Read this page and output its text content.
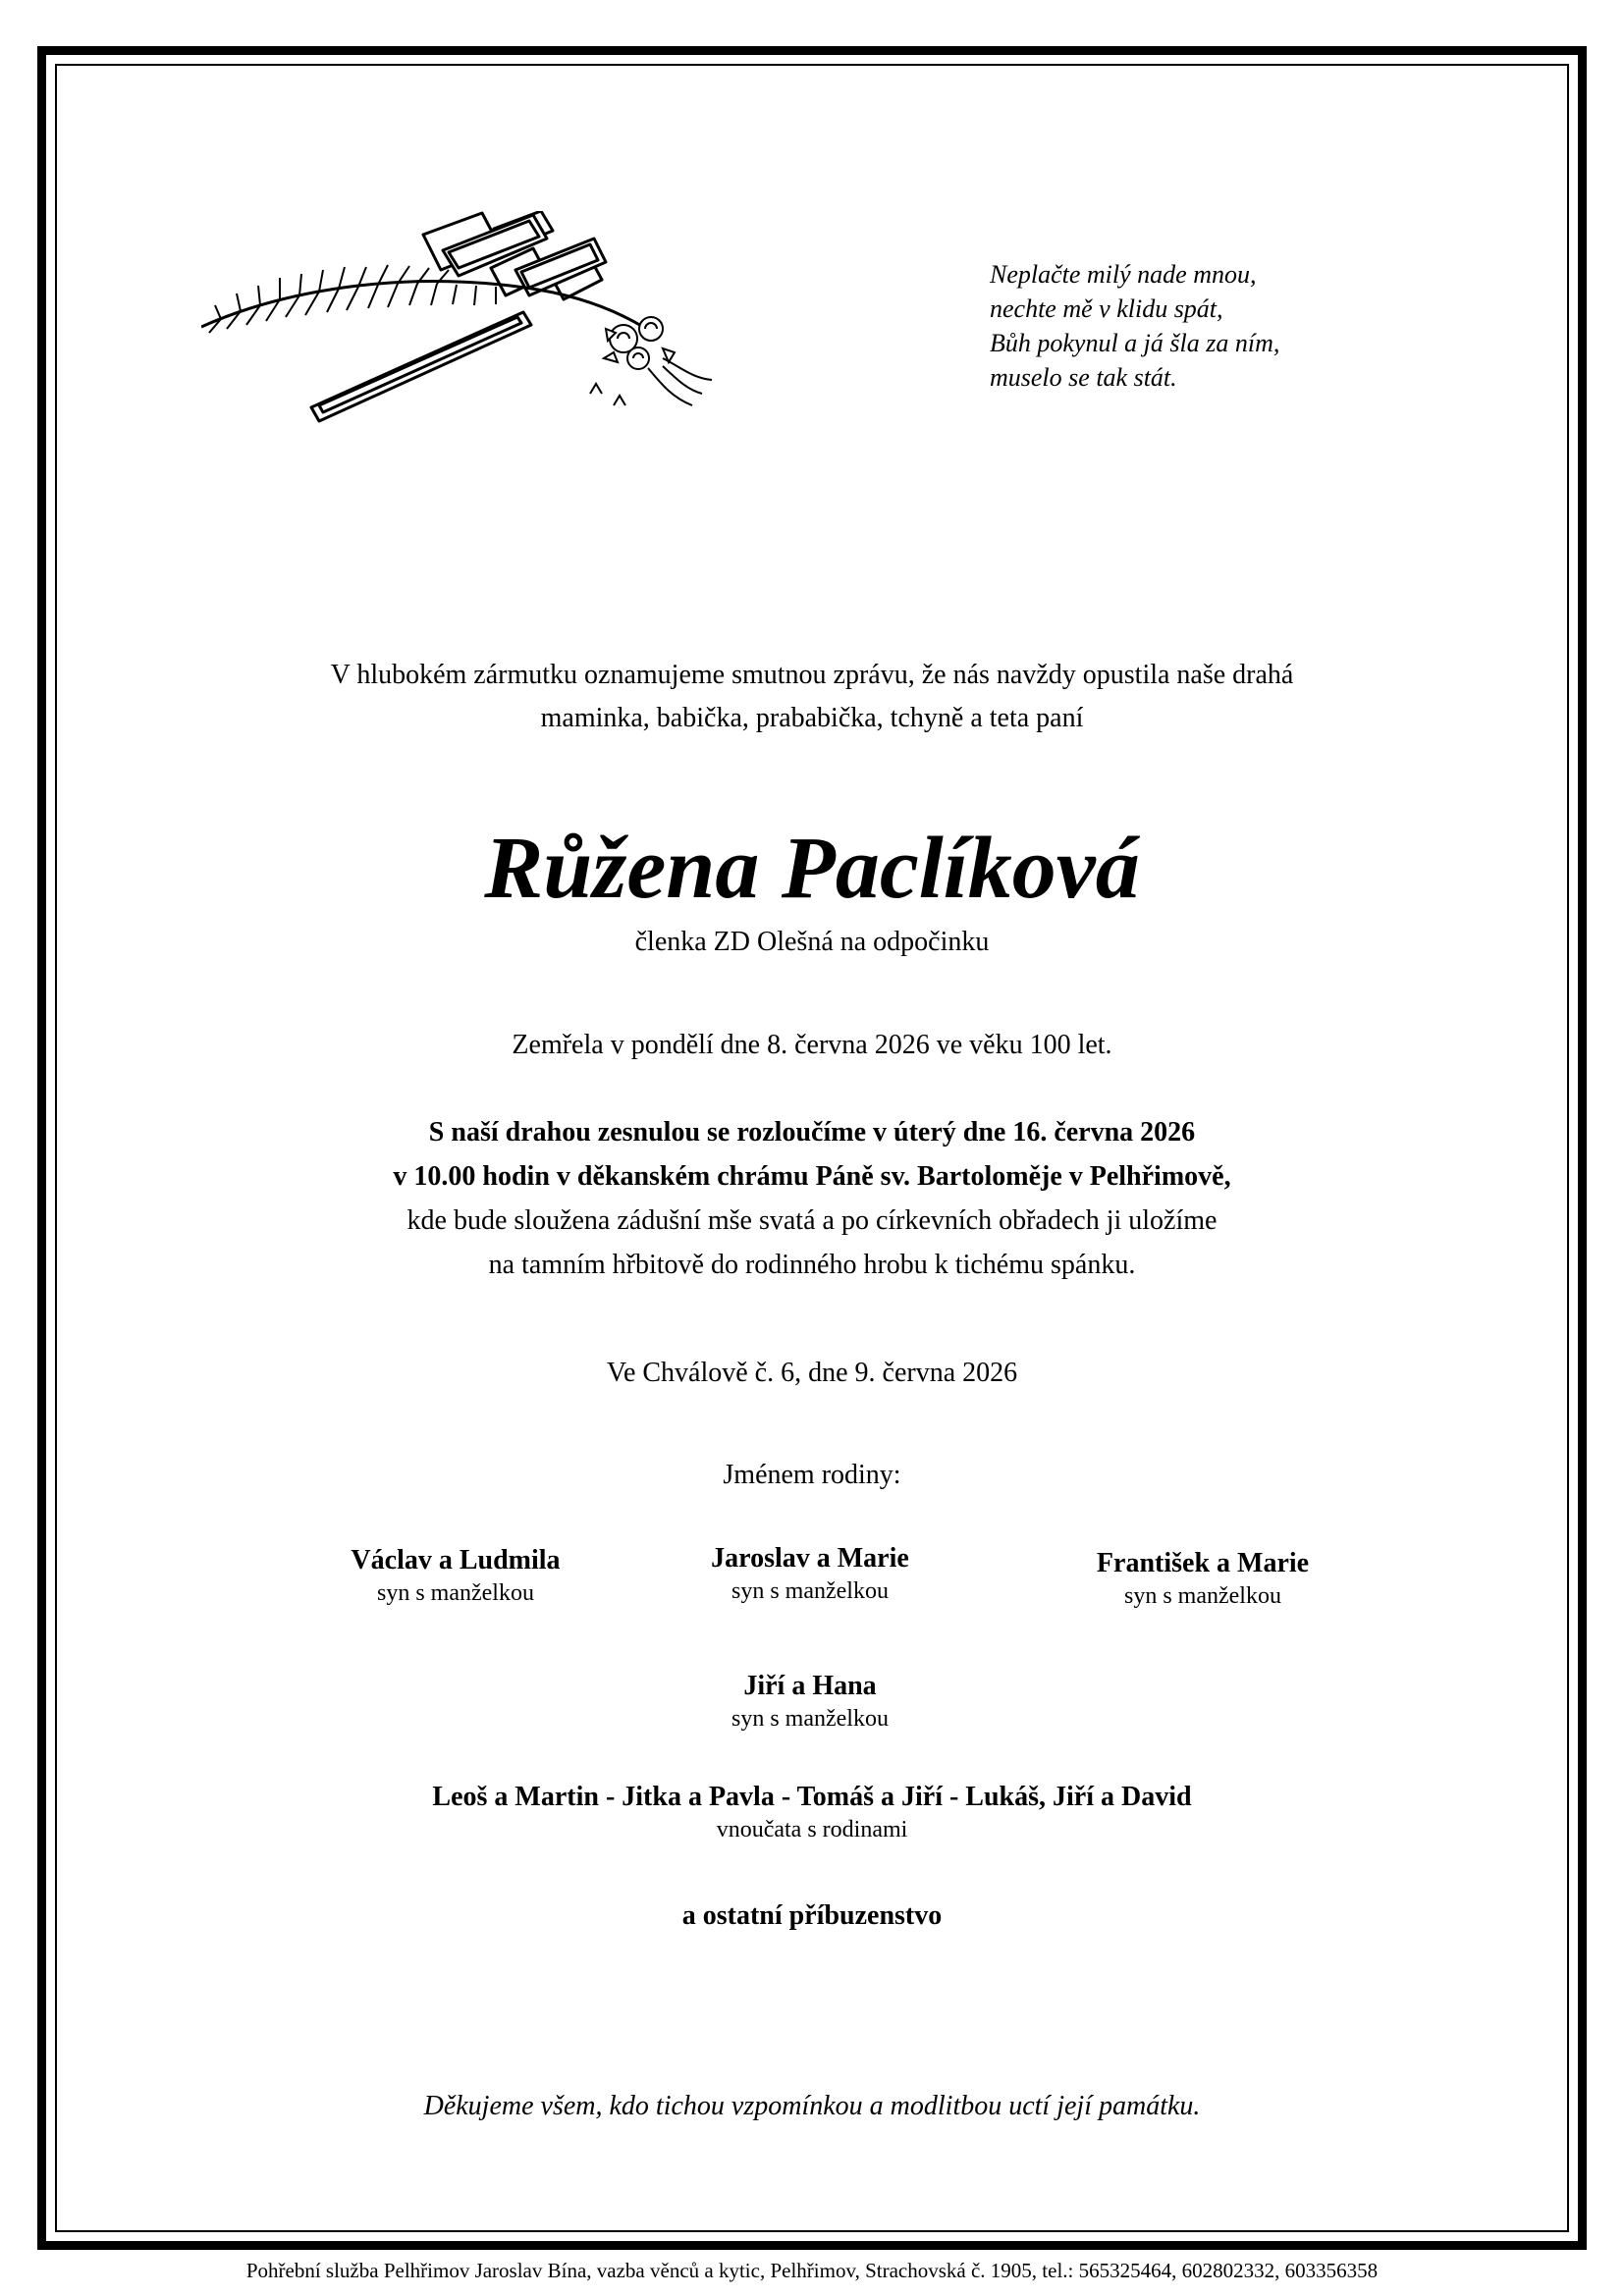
Neplačte milý nade mnou,
nechte mě v klidu spát,
Bůh pokynul a já šla za ním,
muselo se tak stát.
V hlubokém zármutku oznamujeme smutnou zprávu, že nás navždy opustila naše drahá
maminka, babička, prababička, tchyně a teta paní
Růžena Paclíková
členka ZD Olešná na odpočinku
Zemřela v pondělí dne 8. června 2026 ve věku 100 let.
S naší drahou zesnulou se rozloučíme v úterý dne 16. června 2026
v 10.00 hodin v děkanském chrámu Páně sv. Bartoloměje v Pelhřimově,
kde bude sloužena zádušní mše svatá a po církevních obřadech ji uložíme
na tamním hřbitově do rodinného hrobu k tichému spánku.
Ve Chválově č. 6, dne 9. června 2026
Jménem rodiny:
Václav a Ludmila
syn s manželkou
Jaroslav a Marie
syn s manželkou
František a Marie
syn s manželkou
Jiří a Hana
syn s manželkou
Leoš a Martin - Jitka a Pavla - Tomáš a Jiří - Lukáš, Jiří a David
vnoučata s rodinami
a ostatní příbuzenstvo
Děkujeme všem, kdo tichou vzpomínkou a modlitbou uctí její památku.
Pohřební služba Pelhřimov Jaroslav Bína, vazba věnců a kytic, Pelhřimov, Strachovská č. 1905, tel.: 565325464, 602802332, 603356358
